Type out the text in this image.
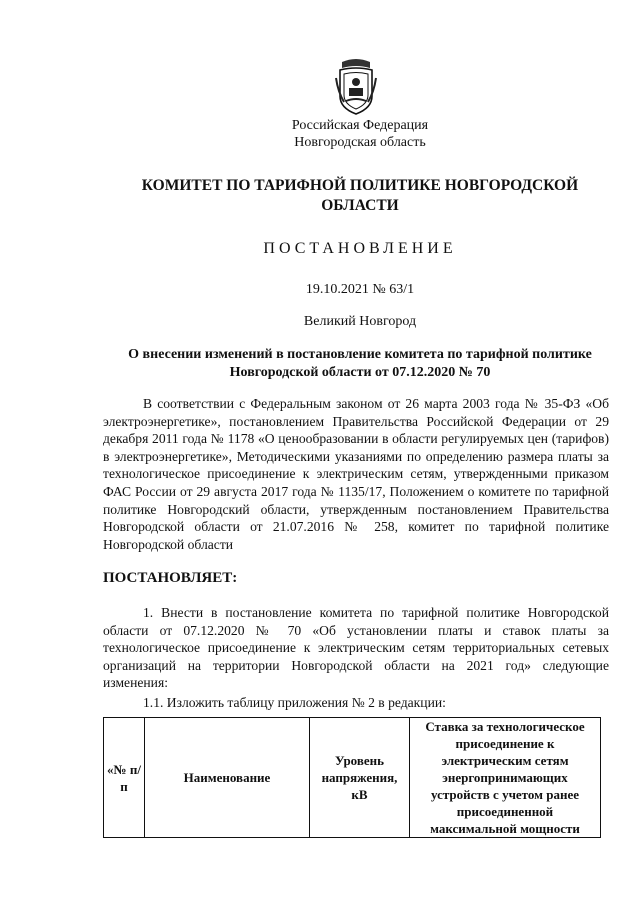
Российская Федерация
Новгородская область
КОМИТЕТ ПО ТАРИФНОЙ ПОЛИТИКЕ НОВГОРОДСКОЙ ОБЛАСТИ
ПОСТАНОВЛЕНИЕ
19.10.2021 № 63/1
Великий Новгород
О внесении изменений в постановление комитета по тарифной политике Новгородской области от 07.12.2020 № 70
В соответствии с Федеральным законом от 26 марта 2003 года № 35-ФЗ «Об электроэнергетике», постановлением Правительства Российской Федерации от 29 декабря 2011 года № 1178 «О ценообразовании в области регулируемых цен (тарифов) в электроэнергетике», Методическими указаниями по определению размера платы за технологическое присоединение к электрическим сетям, утвержденными приказом ФАС России от 29 августа 2017 года № 1135/17, Положением о комитете по тарифной политике Новгородский области, утвержденным постановлением Правительства Новгородской области от 21.07.2016 № 258, комитет по тарифной политике Новгородской области
ПОСТАНОВЛЯЕТ:
1. Внести в постановление комитета по тарифной политике Новгородской области от 07.12.2020 № 70 «Об установлении платы и ставок платы за технологическое присоединение к электрическим сетям территориальных сетевых организаций на территории Новгородской области на 2021 год» следующие изменения:
1.1. Изложить таблицу приложения № 2 в редакции:
«№ п/п	Наименование	Уровень напряжения, кВ	Ставка за технологическое присоединение к электрическим сетям энергопринимающих устройств с учетом ранее присоединенной максимальной мощности
